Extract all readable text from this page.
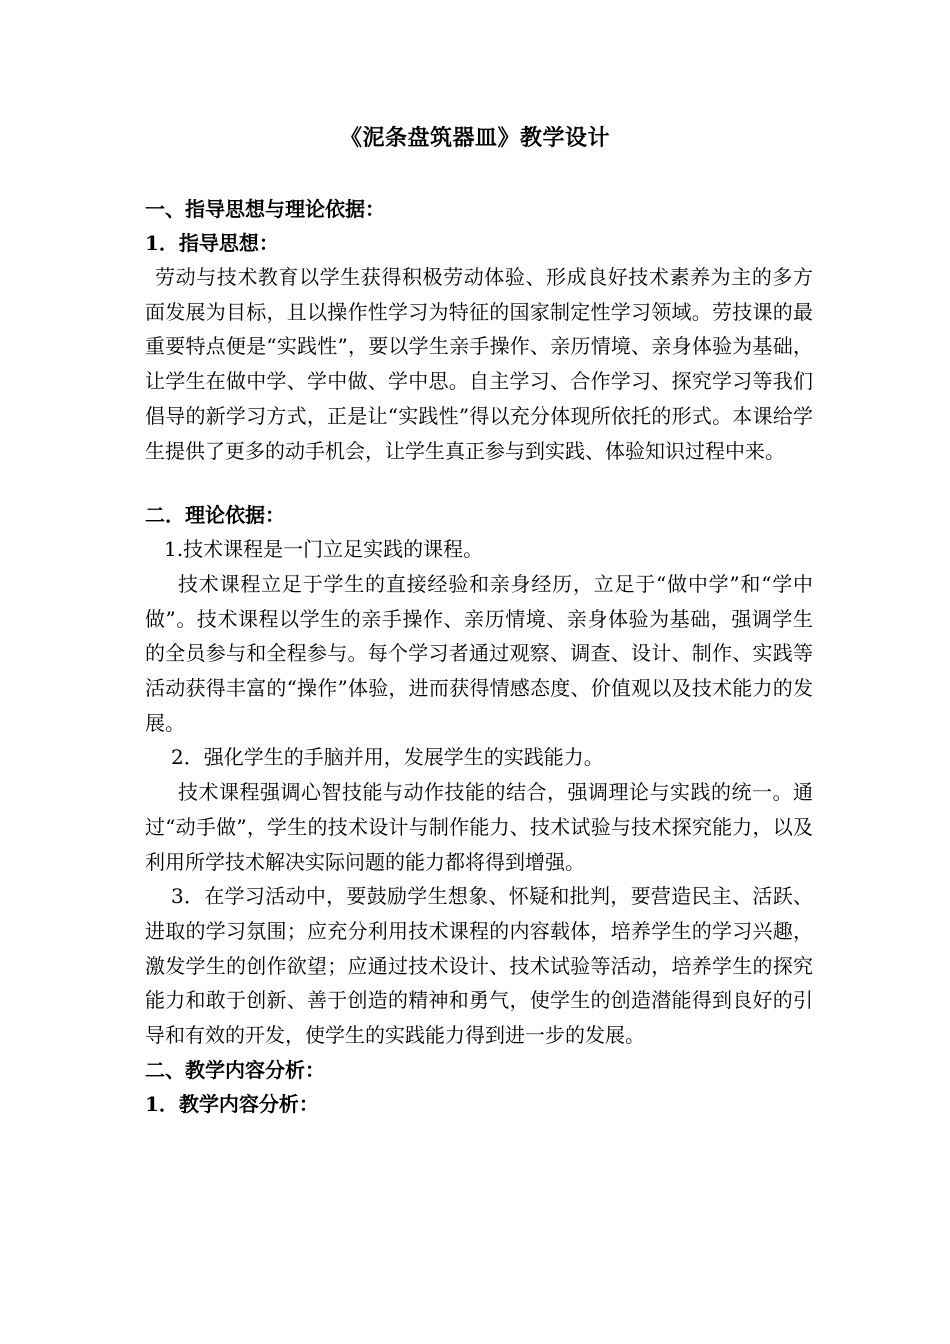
《泥条盘筑器皿》教学设计

一、指导思想与理论依据：

1．指导思想：

劳动与技术教育以学生获得积极劳动体验、形成良好技术素养为主的多方面发展为目标，且以操作性学习为特征的国家制定性学习领域。劳技课的最重要特点便是“实践性”，要以学生亲手操作、亲历情境、亲身体验为基础，让学生在做中学、学中做、学中思。自主学习、合作学习、探究学习等我们倡导的新学习方式，正是让“实践性”得以充分体现所依托的形式。本课给学生提供了更多的动手机会，让学生真正参与到实践、体验知识过程中来。

二．理论依据：

1.技术课程是一门立足实践的课程。

技术课程立足于学生的直接经验和亲身经历，立足于“做中学”和“学中做”。技术课程以学生的亲手操作、亲历情境、亲身体验为基础，强调学生的全员参与和全程参与。每个学习者通过观察、调查、设计、制作、实践等活动获得丰富的“操作”体验，进而获得情感态度、价值观以及技术能力的发展。

2．强化学生的手脑并用，发展学生的实践能力。

技术课程强调心智技能与动作技能的结合，强调理论与实践的统一。通过“动手做”，学生的技术设计与制作能力、技术试验与技术探究能力，以及利用所学技术解决实际问题的能力都将得到增强。

3．在学习活动中，要鼓励学生想象、怀疑和批判，要营造民主、活跃、进取的学习氛围；应充分利用技术课程的内容载体，培养学生的学习兴趣，激发学生的创作欲望；应通过技术设计、技术试验等活动，培养学生的探究能力和敢于创新、善于创造的精神和勇气，使学生的创造潜能得到良好的引导和有效的开发，使学生的实践能力得到进一步的发展。

二、教学内容分析：

1．教学内容分析：
